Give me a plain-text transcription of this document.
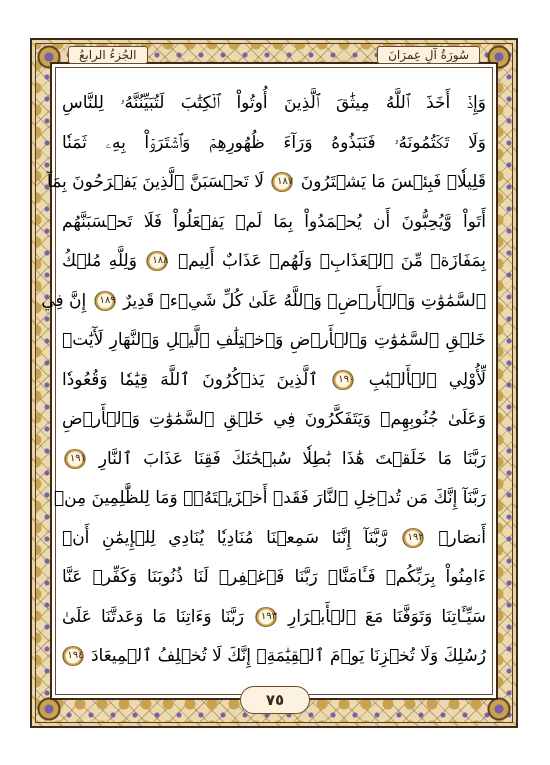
الجُزءُ الرابعُ	سُورَةُ آلِ عِمرَانَ
وَإِذۡ أَخَذَ ٱللَّهُ مِيثَٰقَ ٱلَّذِينَ أُوتُواْ ٱلۡكِتَٰبَ لَتُبَيِّنُنَّهُۥ لِلنَّاسِ
وَلَا تَكۡتُمُونَهُۥ فَنَبَذُوهُ وَرَآءَ ظُهُورِهِمۡ وَٱشۡتَرَوۡاْ بِهِۦ ثَمَنٗا
قَلِيلٗاۖ فَبِئۡسَ مَا يَشۡتَرُونَ ١٨٧ لَا تَحۡسَبَنَّ ٱلَّذِينَ يَفۡرَحُونَ بِمَآ
أَتَواْ وَّيُحِبُّونَ أَن يُحۡمَدُواْ بِمَا لَمۡ يَفۡعَلُواْ فَلَا تَحۡسَبَنَّهُم
بِمَفَازَةٖ مِّنَ ٱلۡعَذَابِۖ وَلَهُمۡ عَذَابٌ أَلِيمٞ ١٨٨ وَلِلَّهِ مُلۡكُ
ٱلسَّمَٰوَٰتِ وَٱلۡأَرۡضِۗ وَٱللَّهُ عَلَىٰ كُلِّ شَيۡءٖ قَدِيرٌ ١٨٩ إِنَّ فِي
خَلۡقِ ٱلسَّمَٰوَٰتِ وَٱلۡأَرۡضِ وَٱخۡتِلَٰفِ ٱلَّيۡلِ وَٱلنَّهَارِ لَأٓيَٰتٖ
لِّأُوْلِي ٱلۡأَلۡبَٰبِ ١٩٠ ٱلَّذِينَ يَذۡكُرُونَ ٱللَّهَ قِيَٰمٗا وَقُعُودٗا
وَعَلَىٰ جُنُوبِهِمۡ وَيَتَفَكَّرُونَ فِي خَلۡقِ ٱلسَّمَٰوَٰتِ وَٱلۡأَرۡضِ
رَبَّنَا مَا خَلَقۡتَ هَٰذَا بَٰطِلٗا سُبۡحَٰنَكَ فَقِنَا عَذَابَ ٱلنَّارِ ١٩١
رَبَّنَآ إِنَّكَ مَن تُدۡخِلِ ٱلنَّارَ فَقَدۡ أَخۡزَيۡتَهُۥۖ وَمَا لِلظَّٰلِمِينَ مِنۡ
أَنصَارٖ ١٩٢ رَّبَّنَآ إِنَّنَا سَمِعۡنَا مُنَادِيٗا يُنَادِي لِلۡإِيمَٰنِ أَنۡ
ءَامِنُواْ بِرَبِّكُمۡ فَـَٔامَنَّاۚ رَبَّنَا فَٱغۡفِرۡ لَنَا ذُنُوبَنَا وَكَفِّرۡ عَنَّا
سَيِّـَٔاتِنَا وَتَوَفَّنَا مَعَ ٱلۡأَبۡرَارِ ١٩٣ رَبَّنَا وَءَاتِنَا مَا وَعَدتَّنَا عَلَىٰ
رُسُلِكَ وَلَا تُخۡزِنَا يَوۡمَ ٱلۡقِيَٰمَةِۖ إِنَّكَ لَا تُخۡلِفُ ٱلۡمِيعَادَ ١٩٤
٧٥
